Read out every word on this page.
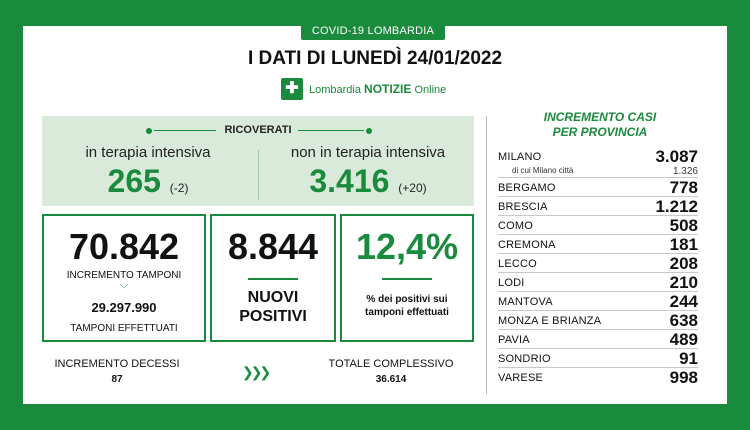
COVID-19 LOMBARDIA
I DATI DI LUNEDÌ 24/01/2022
✚ Lombardia NOTIZIE Online
RICOVERATI
in terapia intensiva
265 (-2)
non in terapia intensiva
3.416 (+20)
70.842
INCREMENTO TAMPONI
﹀
29.297.990
TAMPONI EFFETTUATI
8.844
NUOVI
POSITIVI
12,4%
% dei positivi sui
tamponi effettuati
INCREMENTO DECESSI
87	❯❯❯	TOTALE COMPLESSIVO
36.614
INCREMENTO CASI
PER PROVINCIA
MILANO	3.087
di cui Milano città	1.326
BERGAMO	778
BRESCIA	1.212
COMO	508
CREMONA	181
LECCO	208
LODI	210
MANTOVA	244
MONZA E BRIANZA	638
PAVIA	489
SONDRIO	91
VARESE	998
